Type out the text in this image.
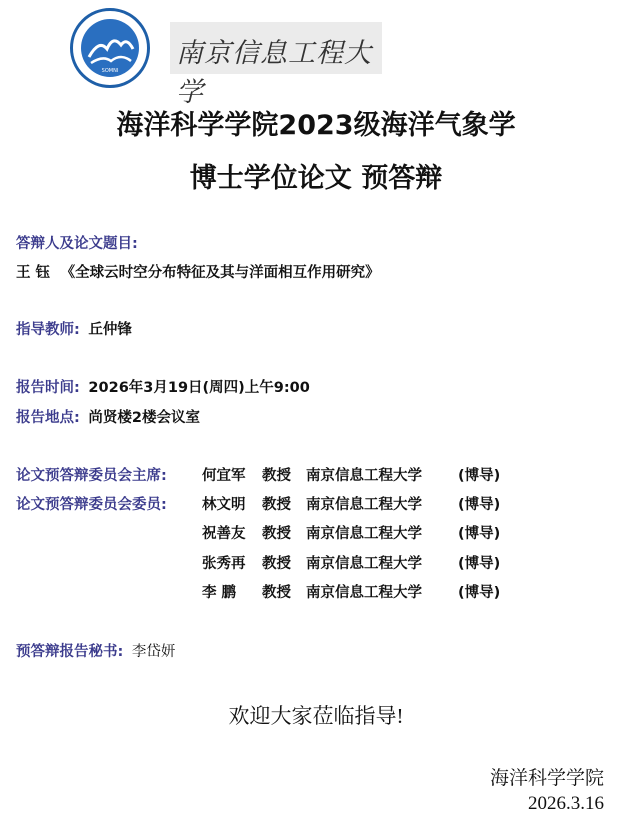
SOMNI
南京信息工程大学
海洋科学学院2023级海洋气象学
博士学位论文 预答辩
答辩人及论文题目:
王 钰 《全球云时空分布特征及其与洋面相互作用研究》
指导教师: 丘仲锋
报告时间: 2026年3月19日(周四)上午9:00
报告地点: 尚贤楼2楼会议室
论文预答辩委员会主席:
论文预答辩委员会委员:
何宜军 教授 南京信息工程大学 (博导)
林文明 教授 南京信息工程大学 (博导)
祝善友 教授 南京信息工程大学 (博导)
张秀再 教授 南京信息工程大学 (博导)
李 鹏 教授 南京信息工程大学 (博导)
预答辩报告秘书: 李岱妍
欢迎大家莅临指导!
海洋科学学院
2026.3.16
